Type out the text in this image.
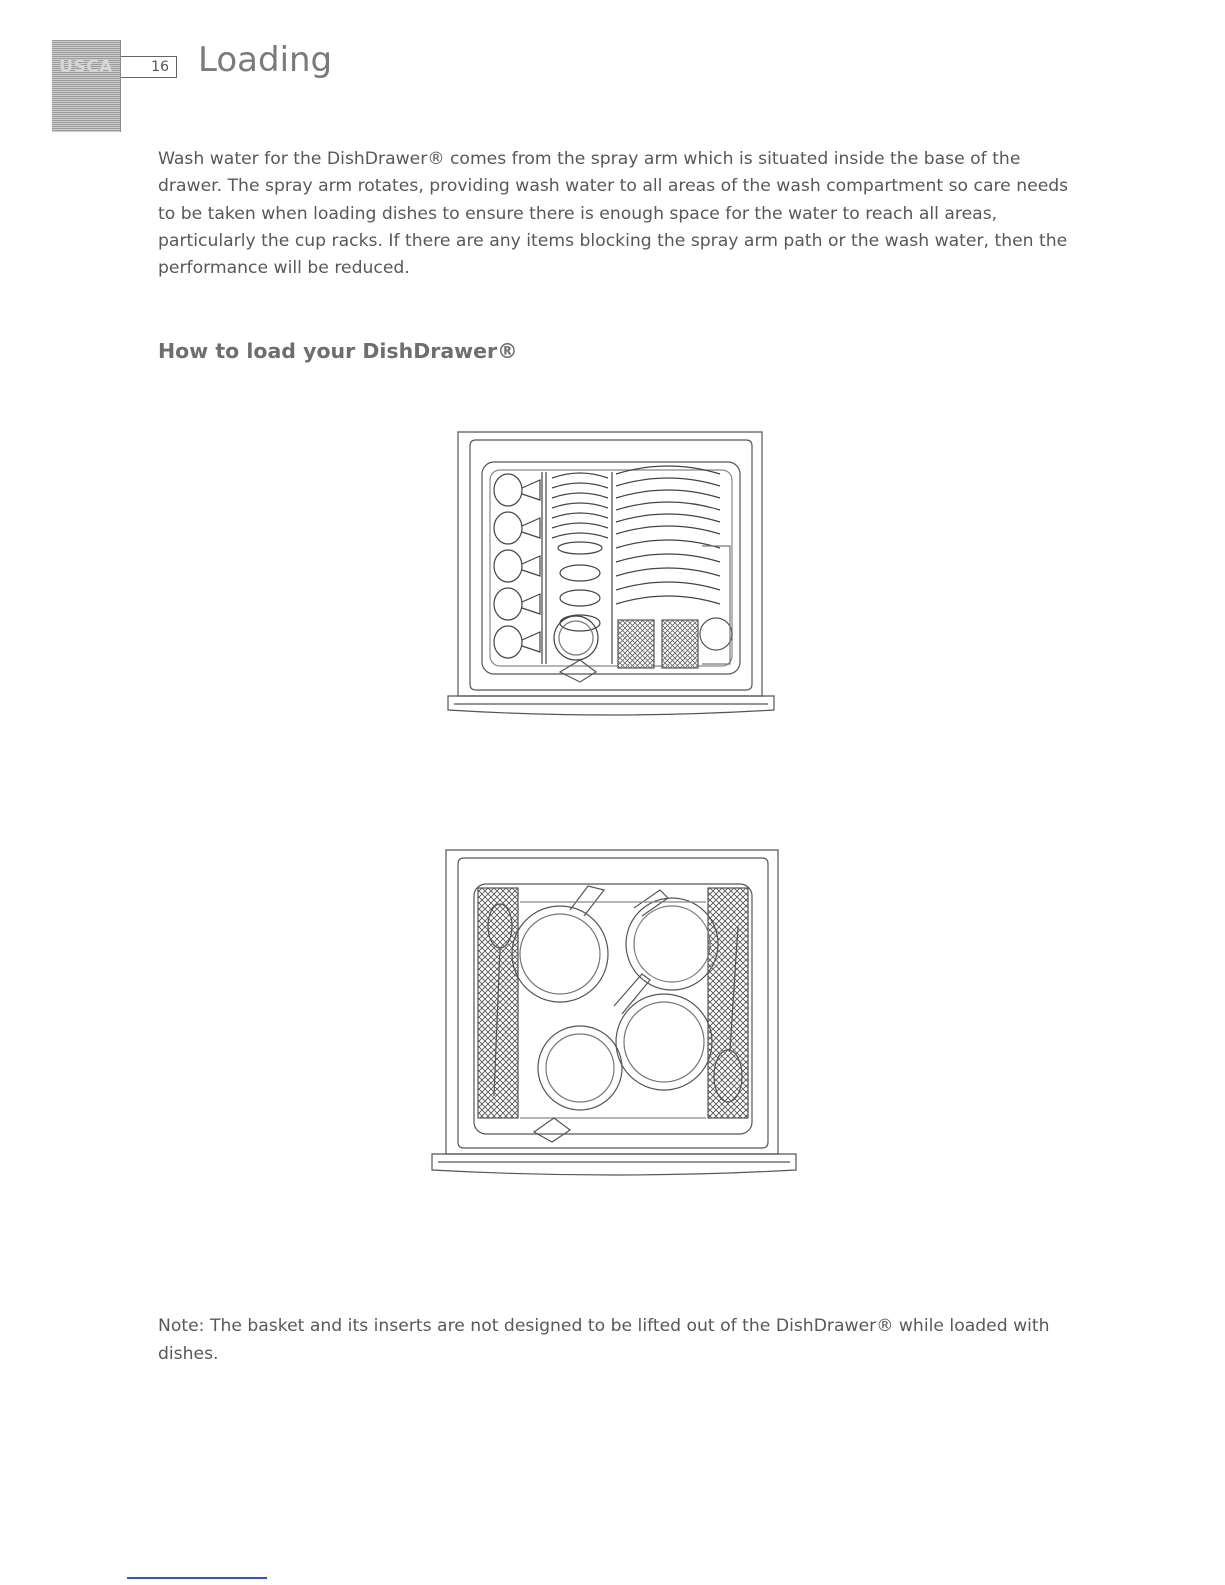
USCA	16 Loading

Wash water for the DishDrawer® comes from the spray arm which is situated inside the base of the drawer. The spray arm rotates, providing wash water to all areas of the wash compartment so care needs to be taken when loading dishes to ensure there is enough space for the water to reach all areas, particularly the cup racks. If there are any items blocking the spray arm path or the wash water, then the performance will be reduced.

How to load your DishDrawer®

Note: The basket and its inserts are not designed to be lifted out of the DishDrawer® while loaded with dishes.
